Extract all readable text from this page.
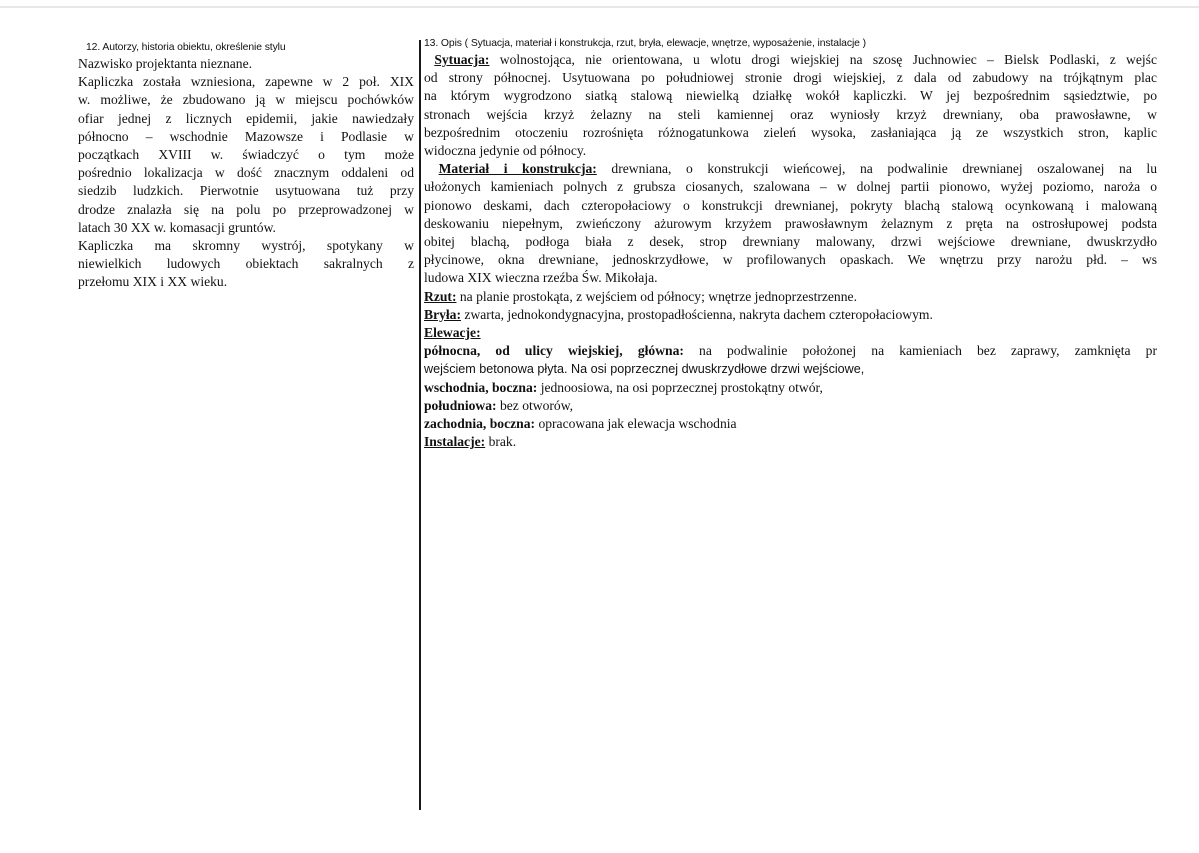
12. Autorzy, historia obiektu, określenie stylu

Nazwisko projektanta nieznane.

Kapliczka została wzniesiona, zapewne w 2 poł. XIX

w. możliwe, że zbudowano ją w miejscu pochówków

ofiar jednej z licznych epidemii, jakie nawiedzały

północno – wschodnie Mazowsze i Podlasie w

początkach XVIII w. świadczyć o tym może

pośrednio lokalizacja w dość znacznym oddaleni od

siedzib ludzkich. Pierwotnie usytuowana tuż przy

drodze znalazła się na polu po przeprowadzonej w

latach 30 XX w. komasacji gruntów.

Kapliczka ma skromny wystrój, spotykany w

niewielkich ludowych obiektach sakralnych z

przełomu XIX i XX wieku.

13. Opis ( Sytuacja, materiał i konstrukcja, rzut, bryła, elewacje, wnętrze, wyposażenie, instalacje )

Sytuacja: wolnostojąca, nie orientowana, u wlotu drogi wiejskiej na szosę Juchnowiec – Bielsk Podlaski, z wejśc

od strony północnej. Usytuowana po południowej stronie drogi wiejskiej, z dala od zabudowy na trójkątnym plac

na którym wygrodzono siatką stalową niewielką działkę wokół kapliczki. W jej bezpośrednim sąsiedztwie, po

stronach wejścia krzyż żelazny na steli kamiennej oraz wyniosły krzyż drewniany, oba prawosławne, w

bezpośrednim otoczeniu rozrośnięta różnogatunkowa zieleń wysoka, zasłaniająca ją ze wszystkich stron, kaplic

widoczna jedynie od północy.

Materiał i konstrukcja: drewniana, o konstrukcji wieńcowej, na podwalinie drewnianej oszalowanej na lu

ułożonych kamieniach polnych z grubsza ciosanych, szalowana – w dolnej partii pionowo, wyżej poziomo, naroża o

pionowo deskami, dach czteropołaciowy o konstrukcji drewnianej, pokryty blachą stalową ocynkowaną i malowaną

deskowaniu niepełnym, zwieńczony ażurowym krzyżem prawosławnym żelaznym z pręta na ostrosłupowej podsta

obitej blachą, podłoga biała z desek, strop drewniany malowany, drzwi wejściowe drewniane, dwuskrzydło

płycinowe, okna drewniane, jednoskrzydłowe, w profilowanych opaskach. We wnętrzu przy narożu płd. – ws

ludowa XIX wieczna rzeźba Św. Mikołaja.

Rzut: na planie prostokąta, z wejściem od północy; wnętrze jednoprzestrzenne.

Bryła: zwarta, jednokondygnacyjna, prostopadłościenna, nakryta dachem czteropołaciowym.

Elewacje:

północna, od ulicy wiejskiej, główna: na podwalinie położonej na kamieniach bez zaprawy, zamknięta pr

wejściem betonowa płyta. Na osi poprzecznej dwuskrzydłowe drzwi wejściowe,

wschodnia, boczna: jednoosiowa, na osi poprzecznej prostokątny otwór,

południowa: bez otworów,

zachodnia, boczna: opracowana jak elewacja wschodnia

Instalacje: brak.
